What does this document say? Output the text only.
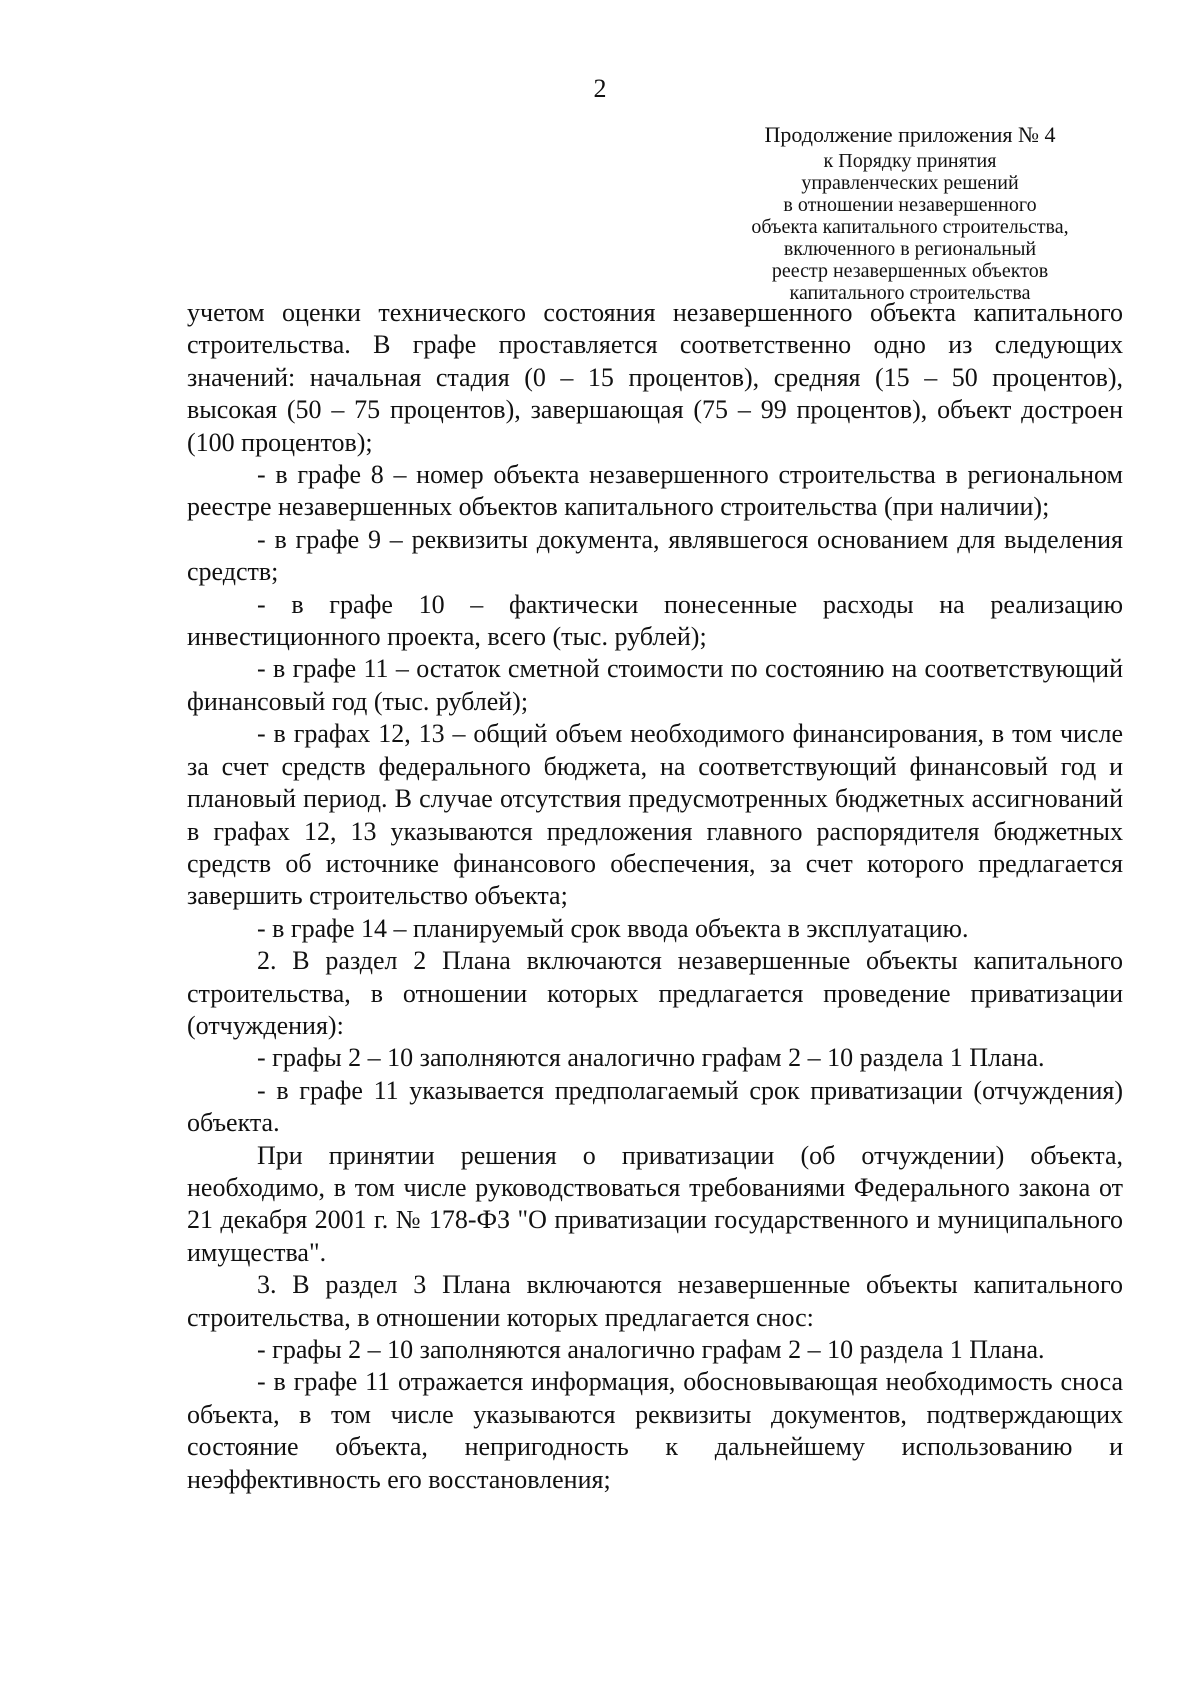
2
Продолжение приложения № 4
к Порядку принятия
управленческих решений
в отношении незавершенного
объекта капитального строительства,
включенного в региональный
реестр незавершенных объектов
капитального строительства

учетом оценки технического состояния незавершенного объекта капитального строительства. В графе проставляется соответственно одно из следующих значений: начальная стадия (0 – 15 процентов), средняя (15 – 50 процентов), высокая (50 – 75 процентов), завершающая (75 – 99 процентов), объект достроен (100 процентов);

- в графе 8 – номер объекта незавершенного строительства в региональном реестре незавершенных объектов капитального строительства (при наличии);

- в графе 9 – реквизиты документа, являвшегося основанием для выделения средств;

- в графе 10 – фактически понесенные расходы на реализацию инвестиционного проекта, всего (тыс. рублей);

- в графе 11 – остаток сметной стоимости по состоянию на соответствующий финансовый год (тыс. рублей);

- в графах 12, 13 – общий объем необходимого финансирования, в том числе за счет средств федерального бюджета, на соответствующий финансовый год и плановый период. В случае отсутствия предусмотренных бюджетных ассигнований в графах 12, 13 указываются предложения главного распорядителя бюджетных средств об источнике финансового обеспечения, за счет которого предлагается завершить строительство объекта;

- в графе 14 – планируемый срок ввода объекта в эксплуатацию.

2. В раздел 2 Плана включаются незавершенные объекты капитального строительства, в отношении которых предлагается проведение приватизации (отчуждения):

- графы 2 – 10 заполняются аналогично графам 2 – 10 раздела 1 Плана.

- в графе 11 указывается предполагаемый срок приватизации (отчуждения) объекта.

При принятии решения о приватизации (об отчуждении) объекта, необходимо, в том числе руководствоваться требованиями Федерального закона от 21 декабря 2001 г. № 178-ФЗ "О приватизации государственного и муниципального имущества".

3. В раздел 3 Плана включаются незавершенные объекты капитального строительства, в отношении которых предлагается снос:

- графы 2 – 10 заполняются аналогично графам 2 – 10 раздела 1 Плана.

- в графе 11 отражается информация, обосновывающая необходимость сноса объекта, в том числе указываются реквизиты документов, подтверждающих состояние объекта, непригодность к дальнейшему использованию и неэффективность его восстановления;
